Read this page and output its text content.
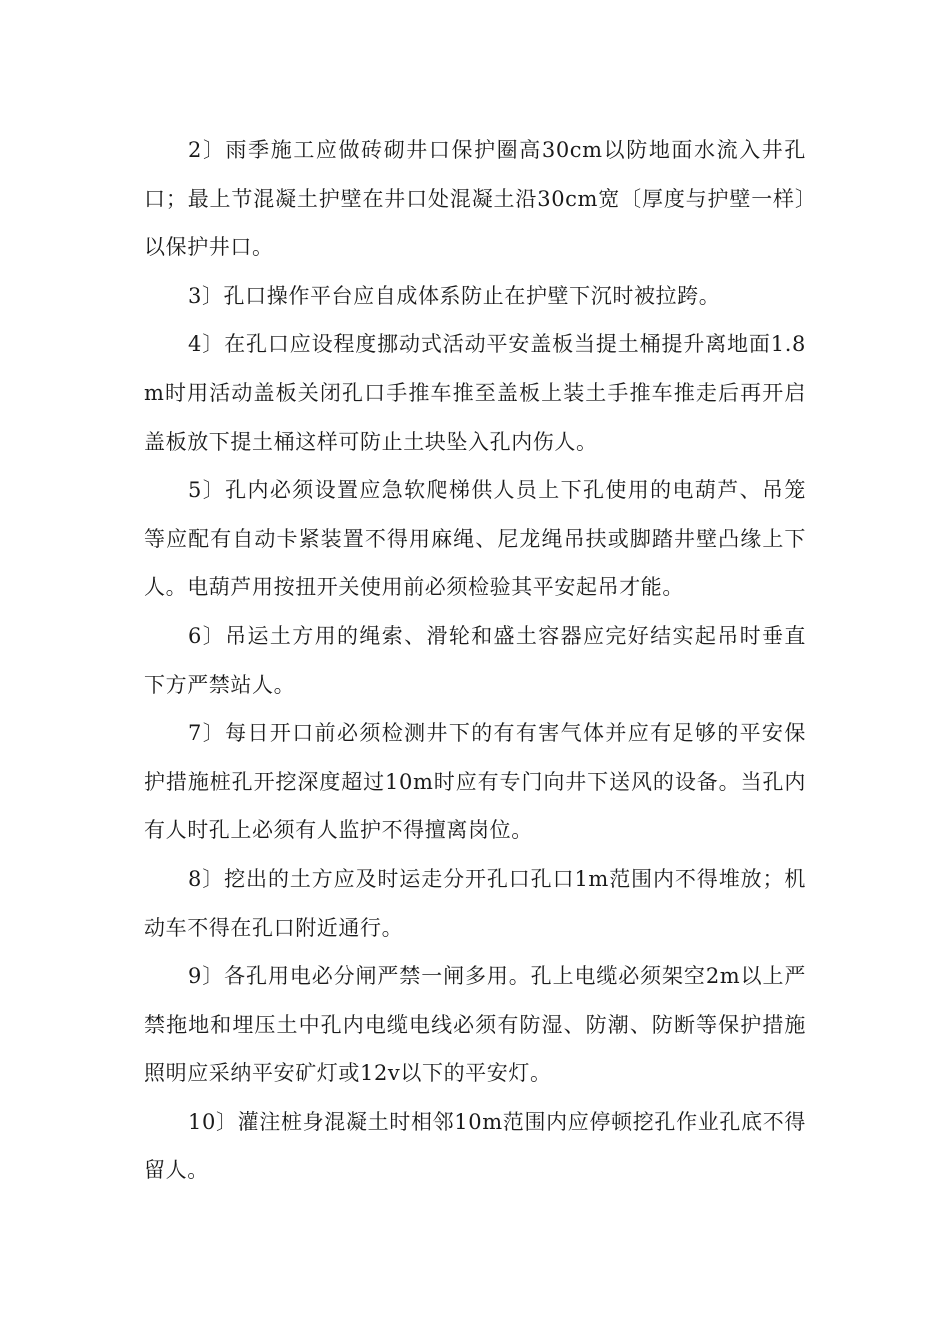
2〕雨季施工应做砖砌井口保护圈高30cm以防地面水流入井孔口；最上节混凝土护壁在井口处混凝土沿30cm宽〔厚度与护壁一样〕以保护井口。

3〕孔口操作平台应自成体系防止在护壁下沉时被拉跨。

4〕在孔口应设程度挪动式活动平安盖板当提土桶提升离地面1.8m时用活动盖板关闭孔口手推车推至盖板上装土手推车推走后再开启盖板放下提土桶这样可防止土块坠入孔内伤人。

5〕孔内必须设置应急软爬梯供人员上下孔使用的电葫芦、吊笼等应配有自动卡紧装置不得用麻绳、尼龙绳吊扶或脚踏井壁凸缘上下人。电葫芦用按扭开关使用前必须检验其平安起吊才能。

6〕吊运土方用的绳索、滑轮和盛土容器应完好结实起吊时垂直下方严禁站人。

7〕每日开口前必须检测井下的有有害气体并应有足够的平安保护措施桩孔开挖深度超过10m时应有专门向井下送风的设备。当孔内有人时孔上必须有人监护不得擅离岗位。

8〕挖出的土方应及时运走分开孔口孔口1m范围内不得堆放；机动车不得在孔口附近通行。

9〕各孔用电必分闸严禁一闸多用。孔上电缆必须架空2m以上严禁拖地和埋压土中孔内电缆电线必须有防湿、防潮、防断等保护措施照明应采纳平安矿灯或12v以下的平安灯。

10〕灌注桩身混凝土时相邻10m范围内应停顿挖孔作业孔底不得留人。
